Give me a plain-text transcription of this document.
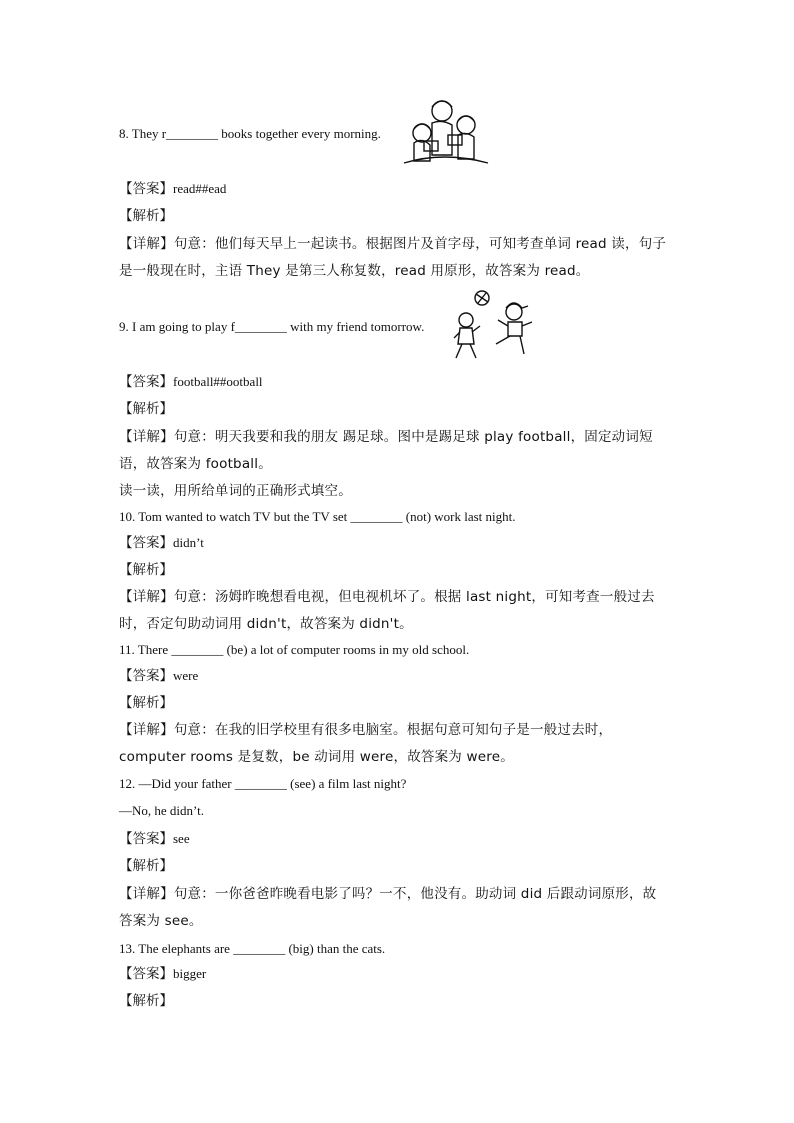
8. They r________ books together every morning.
【答案】read##ead
【解析】
【详解】句意：他们每天早上一起读书。根据图片及首字母，可知考查单词 read 读，句子
是一般现在时，主语 They 是第三人称复数，read 用原形，故答案为 read。
9. I am going to play f________ with my friend tomorrow.
【答案】football##ootball
【解析】
【详解】句意：明天我要和我的朋友 踢足球。图中是踢足球 play football，固定动词短
语，故答案为 football。
读一读，用所给单词的正确形式填空。
10. Tom wanted to watch TV but the TV set ________ (not) work last night.
【答案】didn’t
【解析】
【详解】句意：汤姆昨晚想看电视，但电视机坏了。根据 last night，可知考查一般过去
时，否定句助动词用 didn't，故答案为 didn't。
11. There ________ (be) a lot of computer rooms in my old school.
【答案】were
【解析】
【详解】句意：在我的旧学校里有很多电脑室。根据句意可知句子是一般过去时，
computer rooms 是复数，be 动词用 were，故答案为 were。
12. —Did your father ________ (see) a film last night?
—No, he didn’t.
【答案】see
【解析】
【详解】句意：一你爸爸昨晚看电影了吗？一不，他没有。助动词 did 后跟动词原形，故
答案为 see。
13. The elephants are ________ (big) than the cats.
【答案】bigger
【解析】
